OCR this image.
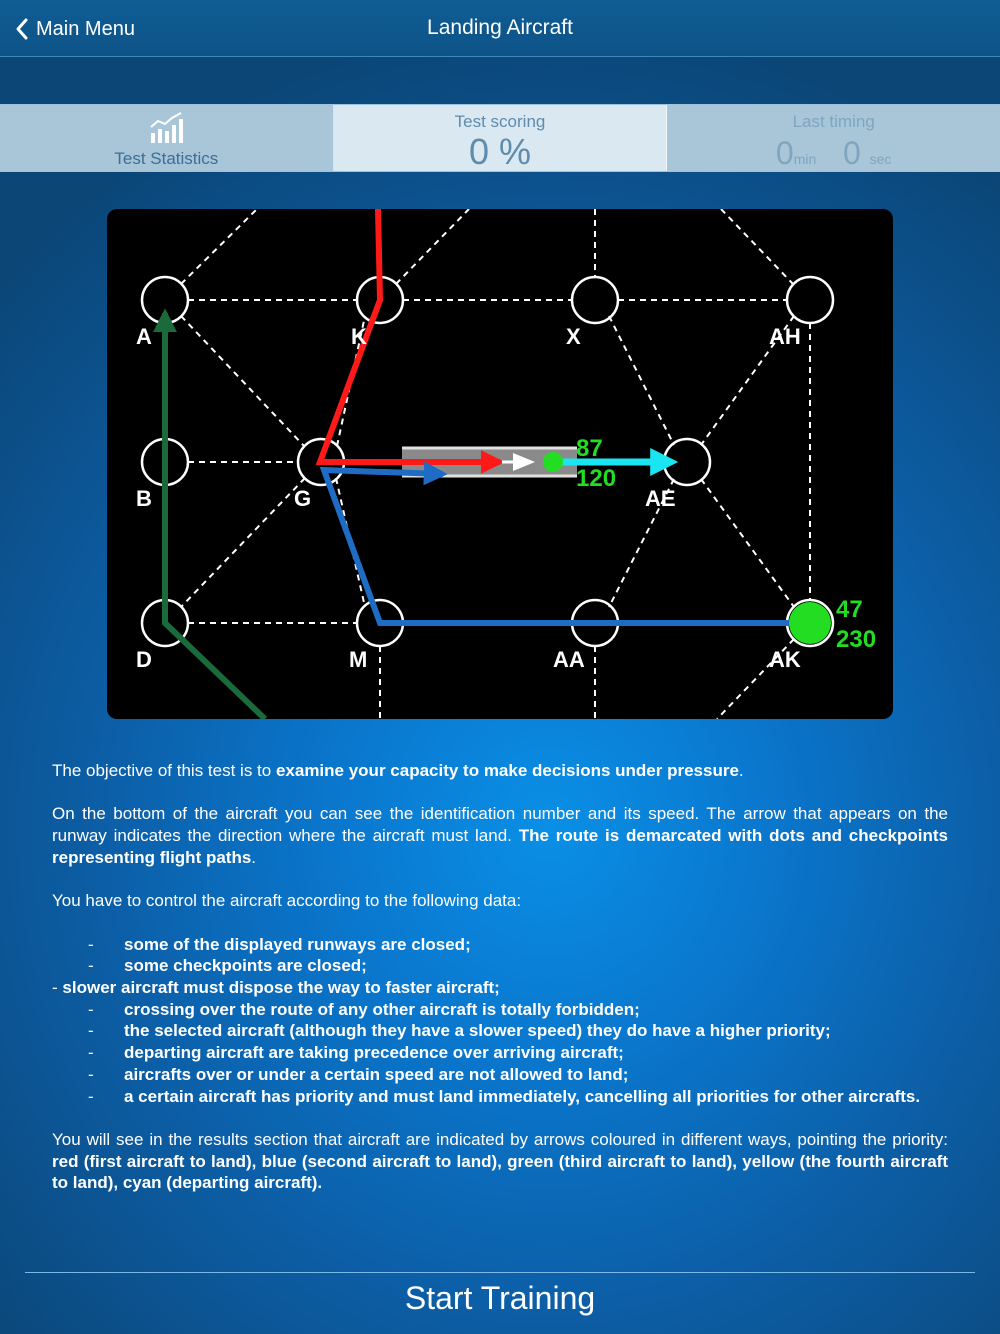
Main Menu	Landing Aircraft
Test Statistics
Test scoring
0 %
Last timing
0min 0 sec
A	K	X	AH
B	G	AE
D	M	AA	AK
87
120
47
230

The objective of this test is to examine your capacity to make decisions under pressure.

On the bottom of the aircraft you can see the identification number and its speed. The arrow that appears on the runway indicates the direction where the aircraft must land. The route is demarcated with dots and checkpoints representing flight paths.

You have to control the aircraft according to the following data:

- some of the displayed runways are closed;
- some checkpoints are closed;
- slower aircraft must dispose the way to faster aircraft;
- crossing over the route of any other aircraft is totally forbidden;
- the selected aircraft (although they have a slower speed) they do have a higher priority;
- departing aircraft are taking precedence over arriving aircraft;
- aircrafts over or under a certain speed are not allowed to land;
- a certain aircraft has priority and must land immediately, cancelling all priorities for other aircrafts.

You will see in the results section that aircraft are indicated by arrows coloured in different ways, pointing the priority: red (first aircraft to land), blue (second aircraft to land), green (third aircraft to land), yellow (the fourth aircraft to land), cyan (departing aircraft).

Start Training
